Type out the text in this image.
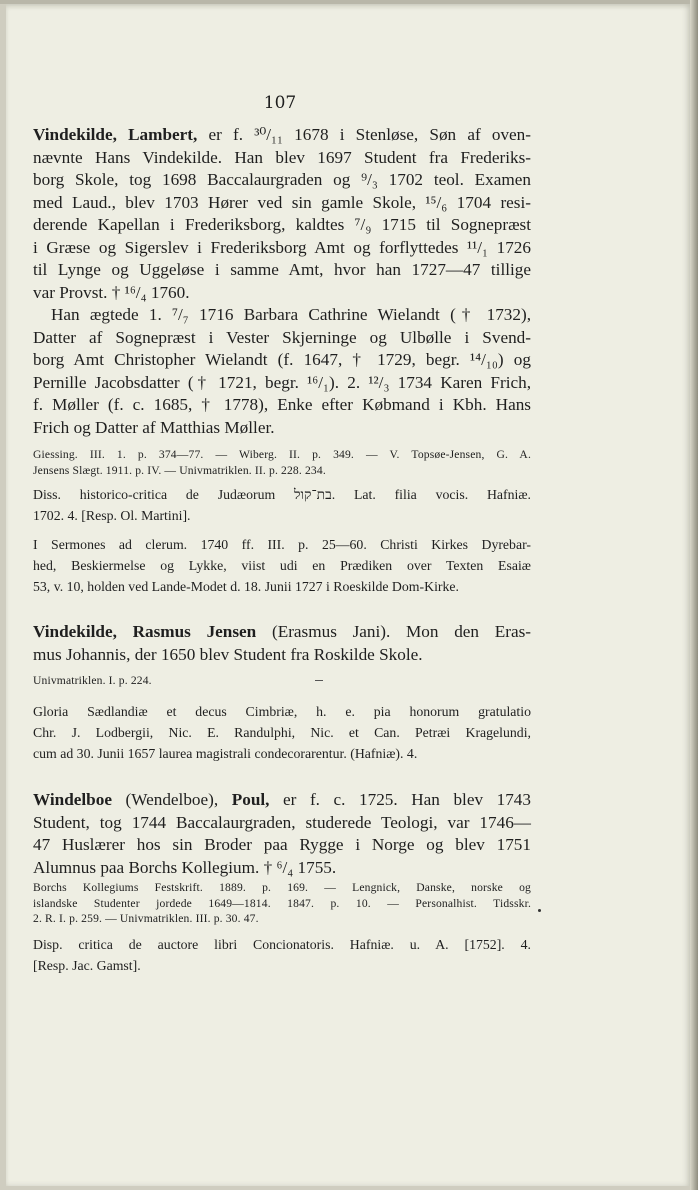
107
Vindekilde, Lambert, er f. ³⁰/₁₁ 1678 i Stenløse, Søn af oven-
nævnte Hans Vindekilde. Han blev 1697 Student fra Frederiks-
borg Skole, tog 1698 Baccalaurgraden og ⁹/₃ 1702 teol. Examen
med Laud., blev 1703 Hører ved sin gamle Skole, ¹⁵/₆ 1704 resi-
derende Kapellan i Frederiksborg, kaldtes ⁷/₉ 1715 til Sognepræst
i Græse og Sigerslev i Frederiksborg Amt og forflyttedes ¹¹/₁ 1726
til Lynge og Uggeløse i samme Amt, hvor han 1727—47 tillige
var Provst. † ¹⁶/₄ 1760.
Han ægtede 1. ⁷/₇ 1716 Barbara Cathrine Wielandt († 1732),
Datter af Sognepræst i Vester Skjerninge og Ulbølle i Svend-
borg Amt Christopher Wielandt (f. 1647, † 1729, begr. ¹⁴/₁₀) og
Pernille Jacobsdatter († 1721, begr. ¹⁶/₁). 2. ¹²/₃ 1734 Karen Frich,
f. Møller (f. c. 1685, † 1778), Enke efter Købmand i Kbh. Hans
Frich og Datter af Matthias Møller.
Giessing. III. 1. p. 374—77. — Wiberg. II. p. 349. — V. Topsøe-Jensen, G. A.
Jensens Slægt. 1911. p. IV. — Univmatriklen. II. p. 228. 234.
Diss. historico-critica de Judæorum בת־קול. Lat. filia vocis. Hafniæ.
1702. 4. [Resp. Ol. Martini].
I Sermones ad clerum. 1740 ff. III. p. 25—60. Christi Kirkes Dyrebar-
hed, Beskiermelse og Lykke, viist udi en Prædiken over Texten Esaiæ
53, v. 10, holden ved Lande-Modet d. 18. Junii 1727 i Roeskilde Dom-Kirke.
Vindekilde, Rasmus Jensen (Erasmus Jani). Mon den Eras-
mus Johannis, der 1650 blev Student fra Roskilde Skole.
Univmatriklen. I. p. 224.
Gloria Sædlandiæ et decus Cimbriæ, h. e. pia honorum gratulatio
Chr. J. Lodbergii, Nic. E. Randulphi, Nic. et Can. Petræi Kragelundi,
cum ad 30. Junii 1657 laurea magistrali condecorarentur. (Hafniæ). 4.
Windelboe (Wendelboe), Poul, er f. c. 1725. Han blev 1743
Student, tog 1744 Baccalaurgraden, studerede Teologi, var 1746—
47 Huslærer hos sin Broder paa Rygge i Norge og blev 1751
Alumnus paa Borchs Kollegium. † ⁶/₄ 1755.
Borchs Kollegiums Festskrift. 1889. p. 169. — Lengnick, Danske, norske og
islandske Studenter jordede 1649—1814. 1847. p. 10. — Personalhist. Tidsskr.
2. R. I. p. 259. — Univmatriklen. III. p. 30. 47.
Disp. critica de auctore libri Concionatoris. Hafniæ. u. A. [1752]. 4.
[Resp. Jac. Gamst].
